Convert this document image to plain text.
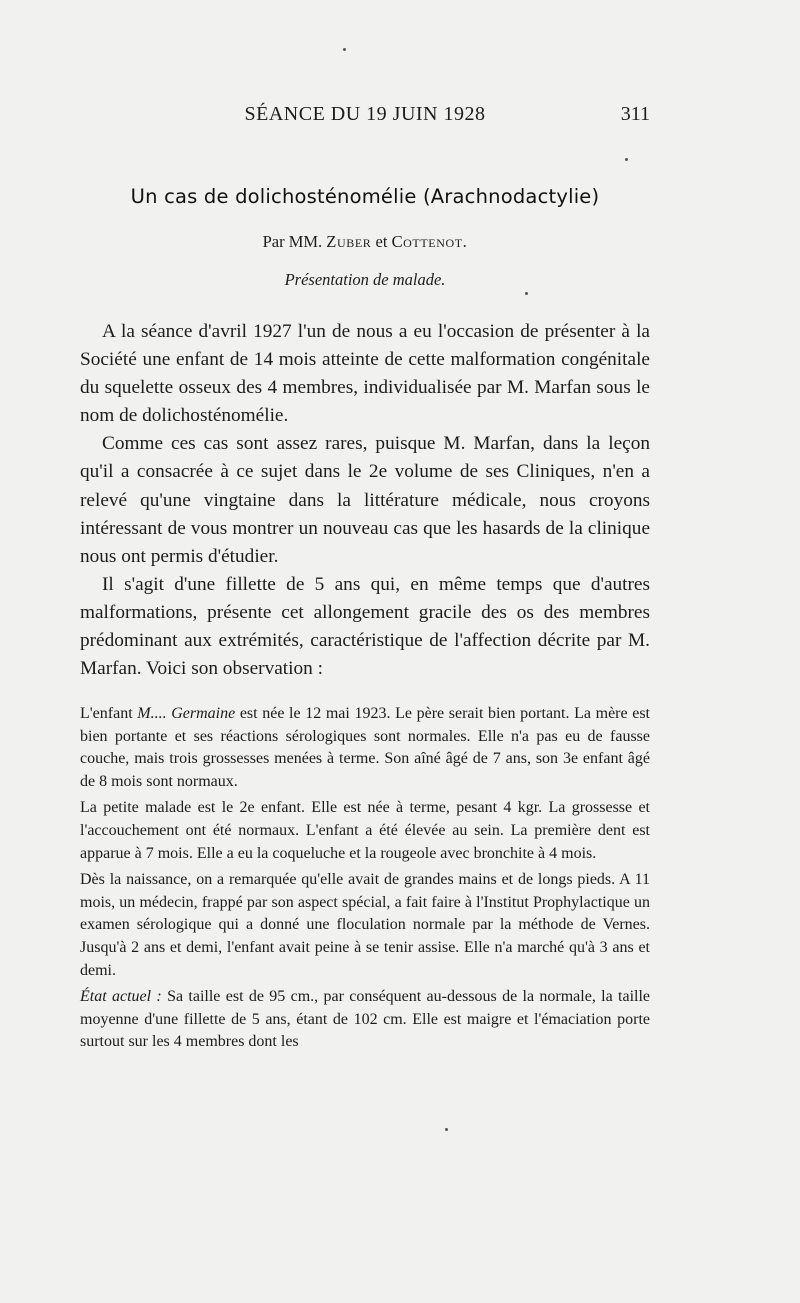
SÉANCE DU 19 JUIN 1928	311
Un cas de dolichosténomélie (Arachnodactylie)
Par MM. Zuber et Cottenot.
Présentation de malade.

A la séance d'avril 1927 l'un de nous a eu l'occasion de présenter à la Société une enfant de 14 mois atteinte de cette malformation congénitale du squelette osseux des 4 membres, individualisée par M. Marfan sous le nom de dolichosténomélie.

Comme ces cas sont assez rares, puisque M. Marfan, dans la leçon qu'il a consacrée à ce sujet dans le 2e volume de ses Cliniques, n'en a relevé qu'une vingtaine dans la littérature médicale, nous croyons intéressant de vous montrer un nouveau cas que les hasards de la clinique nous ont permis d'étudier.

Il s'agit d'une fillette de 5 ans qui, en même temps que d'autres malformations, présente cet allongement gracile des os des membres prédominant aux extrémités, caractéristique de l'affection décrite par M. Marfan. Voici son observation :

L'enfant M.... Germaine est née le 12 mai 1923. Le père serait bien portant. La mère est bien portante et ses réactions sérologiques sont normales. Elle n'a pas eu de fausse couche, mais trois grossesses menées à terme. Son aîné âgé de 7 ans, son 3e enfant âgé de 8 mois sont normaux.

La petite malade est le 2e enfant. Elle est née à terme, pesant 4 kgr. La grossesse et l'accouchement ont été normaux. L'enfant a été élevée au sein. La première dent est apparue à 7 mois. Elle a eu la coqueluche et la rougeole avec bronchite à 4 mois.

Dès la naissance, on a remarquée qu'elle avait de grandes mains et de longs pieds. A 11 mois, un médecin, frappé par son aspect spécial, a fait faire à l'Institut Prophylactique un examen sérologique qui a donné une floculation normale par la méthode de Vernes. Jusqu'à 2 ans et demi, l'enfant avait peine à se tenir assise. Elle n'a marché qu'à 3 ans et demi.

État actuel : Sa taille est de 95 cm., par conséquent au-dessous de la normale, la taille moyenne d'une fillette de 5 ans, étant de 102 cm. Elle est maigre et l'émaciation porte surtout sur les 4 membres dont les
